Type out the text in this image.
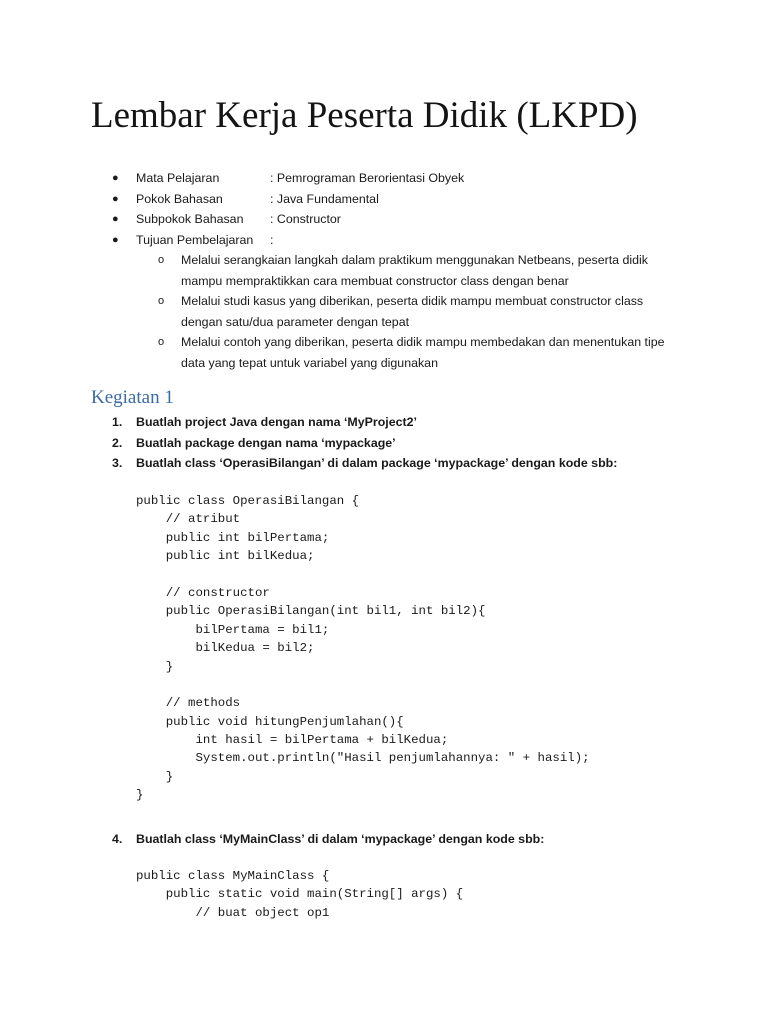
Lembar Kerja Peserta Didik (LKPD)
●	Mata Pelajaran	: Pemrograman Berorientasi Obyek
●	Pokok Bahasan	: Java Fundamental
●	Subpokok Bahasan : Constructor
●	Tujuan Pembelajaran :
o Melalui serangkaian langkah dalam praktikum menggunakan Netbeans, peserta didik mampu mempraktikkan cara membuat constructor class dengan benar
o Melalui studi kasus yang diberikan, peserta didik mampu membuat constructor class dengan satu/dua parameter dengan tepat
o Melalui contoh yang diberikan, peserta didik mampu membedakan dan menentukan tipe data yang tepat untuk variabel yang digunakan
Kegiatan 1
1. Buatlah project Java dengan nama ‘MyProject2’
2. Buatlah package dengan nama ‘mypackage’
3. Buatlah class ‘OperasiBilangan’ di dalam package ‘mypackage’ dengan kode sbb:
public class OperasiBilangan {
// atribut
public int bilPertama;
public int bilKedua;
// constructor
public OperasiBilangan(int bil1, int bil2){
bilPertama = bil1;
bilKedua = bil2;
}
// methods
public void hitungPenjumlahan(){
int hasil = bilPertama + bilKedua;
System.out.println("Hasil penjumlahannya: " + hasil);
}
}
4. Buatlah class ‘MyMainClass’ di dalam ‘mypackage’ dengan kode sbb:
public class MyMainClass {
public static void main(String[] args) {
// buat object op1
